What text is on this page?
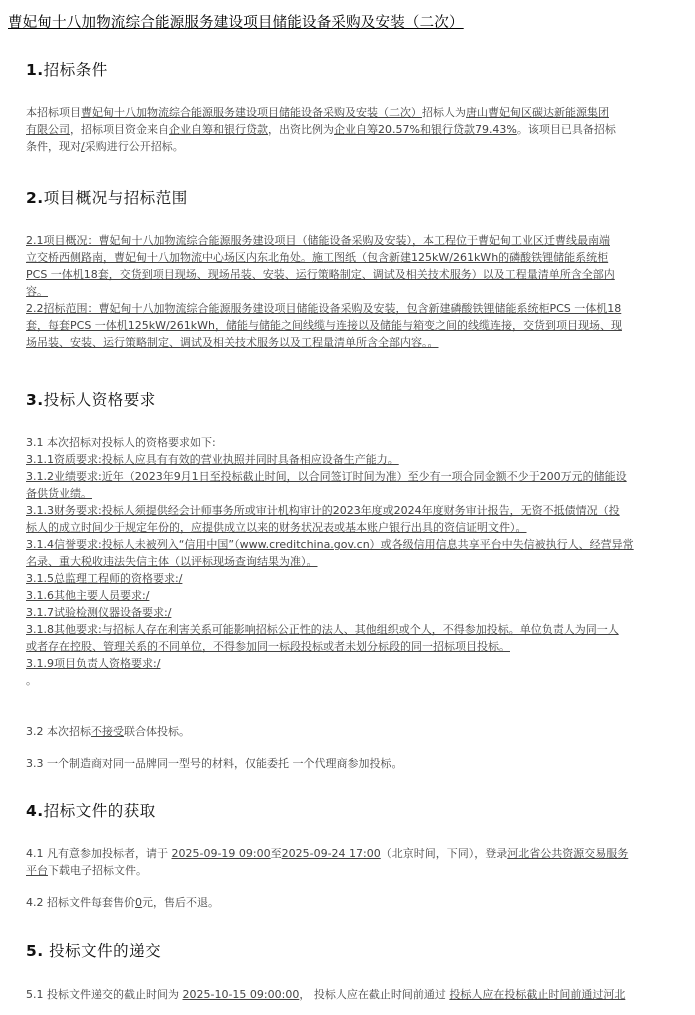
曹妃甸十八加物流综合能源服务建设项目储能设备采购及安装（二次）
1.招标条件
本招标项目曹妃甸十八加物流综合能源服务建设项目储能设备采购及安装（二次）招标人为唐山曹妃甸区碳达新能源集团
有限公司，招标项目资金来自企业自筹和银行贷款，出资比例为企业自筹20.57%和银行贷款79.43%。该项目已具备招标
条件，现对/采购进行公开招标。
2.项目概况与招标范围
2.1项目概况：曹妃甸十八加物流综合能源服务建设项目（储能设备采购及安装），本工程位于曹妃甸工业区迁曹线最南端
立交桥西侧路南，曹妃甸十八加物流中心场区内东北角处。施工图纸（包含新建125kW/261kWh的磷酸铁锂储能系统柜
PCS 一体机18套，交货到项目现场、现场吊装、安装、运行策略制定、调试及相关技术服务）以及工程量清单所含全部内
容。
2.2招标范围：曹妃甸十八加物流综合能源服务建设项目储能设备采购及安装，包含新建磷酸铁锂储能系统柜PCS 一体机18
套，每套PCS 一体机125kW/261kWh，储能与储能之间线缆与连接以及储能与箱变之间的线缆连接，交货到项目现场、现
场吊装、安装、运行策略制定、调试及相关技术服务以及工程量清单所含全部内容。。
3.投标人资格要求
3.1 本次招标对投标人的资格要求如下:
3.1.1资质要求:投标人应具有有效的营业执照并同时具备相应设备生产能力。
3.1.2业绩要求:近年（2023年9月1日至投标截止时间，以合同签订时间为准）至少有一项合同金额不少于200万元的储能设
备供货业绩。
3.1.3财务要求:投标人须提供经会计师事务所或审计机构审计的2023年度或2024年度财务审计报告，无资不抵债情况（投
标人的成立时间少于规定年份的，应提供成立以来的财务状况表或基本账户银行出具的资信证明文件）。
3.1.4信誉要求:投标人未被列入“信用中国”（www.creditchina.gov.cn）或各级信用信息共享平台中失信被执行人、经营异常
名录、重大税收违法失信主体（以评标现场查询结果为准）。
3.1.5总监理工程师的资格要求:/
3.1.6其他主要人员要求:/
3.1.7试验检测仪器设备要求:/
3.1.8其他要求:与招标人存在利害关系可能影响招标公正性的法人、其他组织或个人，不得参加投标。单位负责人为同一人
或者存在控股、管理关系的不同单位，不得参加同一标段投标或者未划分标段的同一招标项目投标。
3.1.9项目负责人资格要求:/
。
3.2 本次招标不接受联合体投标。
3.3 一个制造商对同一品牌同一型号的材料，仅能委托 一个代理商参加投标。
4.招标文件的获取
4.1 凡有意参加投标者，请于 2025-09-19 09:00至2025-09-24 17:00（北京时间，下同），登录河北省公共资源交易服务
平台下载电子招标文件。
4.2 招标文件每套售价0元，售后不退。
5. 投标文件的递交
5.1 投标文件递交的截止时间为 2025-10-15 09:00:00， 投标人应在截止时间前通过 投标人应在投标截止时间前通过河北
